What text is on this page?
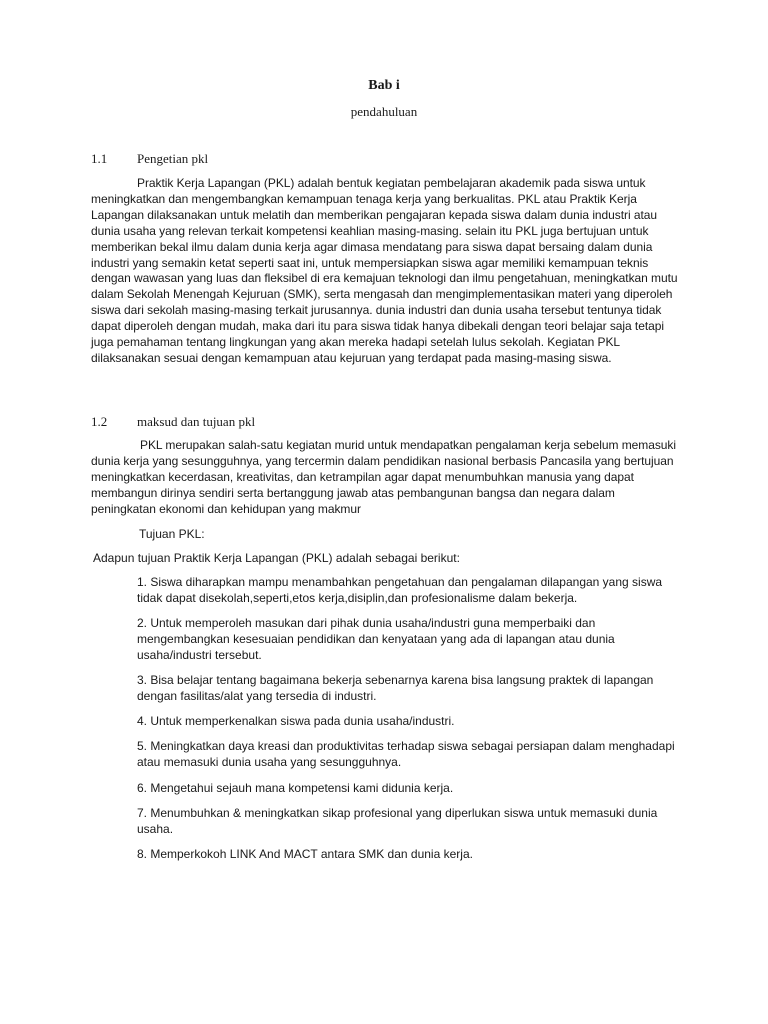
Bab i
pendahuluan
1.1 Pengetian pkl
Praktik Kerja Lapangan (PKL) adalah bentuk kegiatan pembelajaran akademik pada siswa untuk meningkatkan dan mengembangkan kemampuan tenaga kerja yang berkualitas. PKL atau Praktik Kerja Lapangan dilaksanakan untuk melatih dan memberikan pengajaran kepada siswa dalam dunia industri atau dunia usaha yang relevan terkait kompetensi keahlian masing-masing. selain itu PKL juga bertujuan untuk memberikan bekal ilmu dalam dunia kerja agar dimasa mendatang para siswa dapat bersaing dalam dunia industri yang semakin ketat seperti saat ini, untuk mempersiapkan siswa agar memiliki kemampuan teknis dengan wawasan yang luas dan fleksibel di era kemajuan teknologi dan ilmu pengetahuan, meningkatkan mutu dalam Sekolah Menengah Kejuruan (SMK), serta mengasah dan mengimplementasikan materi yang diperoleh siswa dari sekolah masing-masing terkait jurusannya. dunia industri dan dunia usaha tersebut tentunya tidak dapat diperoleh dengan mudah, maka dari itu para siswa tidak hanya dibekali dengan teori belajar saja tetapi juga pemahaman tentang lingkungan yang akan mereka hadapi setelah lulus sekolah. Kegiatan PKL dilaksanakan sesuai dengan kemampuan atau kejuruan yang terdapat pada masing-masing siswa.
1.2 maksud dan tujuan pkl
PKL merupakan salah-satu kegiatan murid untuk mendapatkan pengalaman kerja sebelum memasuki dunia kerja yang sesungguhnya, yang tercermin dalam pendidikan nasional berbasis Pancasila yang bertujuan meningkatkan kecerdasan, kreativitas, dan ketrampilan agar dapat menumbuhkan manusia yang dapat membangun dirinya sendiri serta bertanggung jawab atas pembangunan bangsa dan negara dalam peningkatan ekonomi dan kehidupan yang makmur
Tujuan PKL:
Adapun tujuan Praktik Kerja Lapangan (PKL) adalah sebagai berikut:
1. Siswa diharapkan mampu menambahkan pengetahuan dan pengalaman dilapangan yang siswa tidak dapat disekolah,seperti,etos kerja,disiplin,dan profesionalisme dalam bekerja.
2. Untuk memperoleh masukan dari pihak dunia usaha/industri guna memperbaiki dan mengembangkan kesesuaian pendidikan dan kenyataan yang ada di lapangan atau dunia usaha/industri tersebut.
3. Bisa belajar tentang bagaimana bekerja sebenarnya karena bisa langsung praktek di lapangan dengan fasilitas/alat yang tersedia di industri.
4. Untuk memperkenalkan siswa pada dunia usaha/industri.
5. Meningkatkan daya kreasi dan produktivitas terhadap siswa sebagai persiapan dalam menghadapi atau memasuki dunia usaha yang sesungguhnya.
6. Mengetahui sejauh mana kompetensi kami didunia kerja.
7. Menumbuhkan & meningkatkan sikap profesional yang diperlukan siswa untuk memasuki dunia usaha.
8. Memperkokoh LINK And MACT antara SMK dan dunia kerja.
